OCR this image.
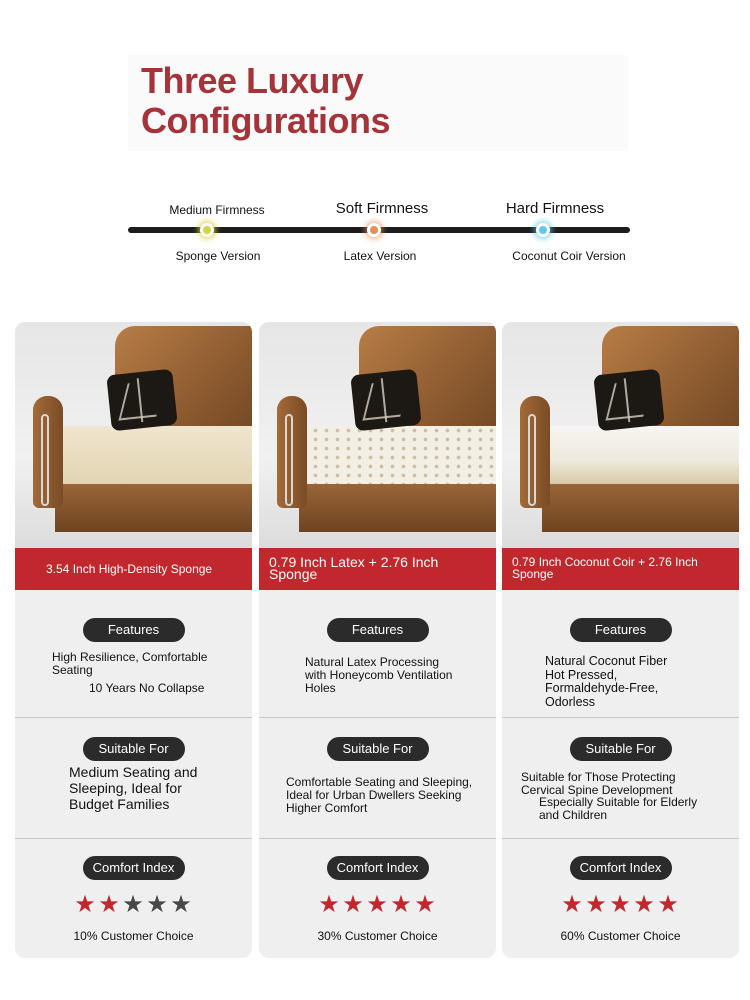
Three Luxury
Configurations
Medium Firmness	Soft Firmness	Hard Firmness
Sponge Version	Latex Version	Coconut Coir Version
3.54 Inch High-Density Sponge
Features
High Resilience, Comfortable Seating
10 Years No Collapse
Suitable For
Medium Seating and Sleeping, Ideal for Budget Families
Comfort Index
★★★★★
10% Customer Choice
0.79 Inch Latex + 2.76 Inch Sponge
Features
Natural Latex Processing with Honeycomb Ventilation Holes
Suitable For
Comfortable Seating and Sleeping, Ideal for Urban Dwellers Seeking Higher Comfort
Comfort Index
★★★★★
30% Customer Choice
0.79 Inch Coconut Coir + 2.76 Inch Sponge
Features
Natural Coconut Fiber Hot Pressed, Formaldehyde-Free, Odorless
Suitable For
Suitable for Those Protecting Cervical Spine Development
Especially Suitable for Elderly and Children
Comfort Index
★★★★★
60% Customer Choice
